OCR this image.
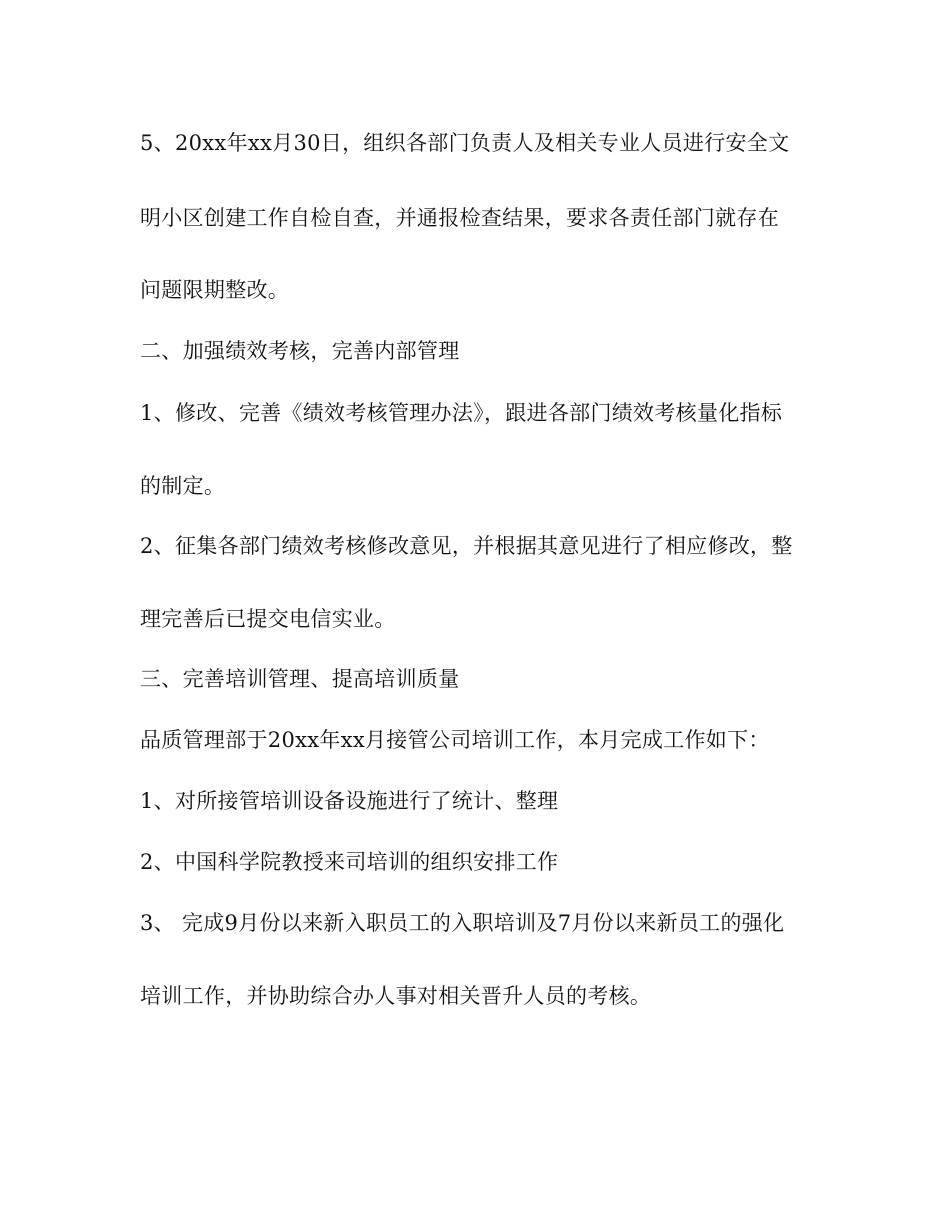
5、20xx年xx月30日，组织各部门负责人及相关专业人员进行安全文
明小区创建工作自检自查，并通报检查结果，要求各责任部门就存在
问题限期整改。
二、加强绩效考核，完善内部管理
1、修改、完善《绩效考核管理办法》，跟进各部门绩效考核量化指标
的制定。
2、征集各部门绩效考核修改意见，并根据其意见进行了相应修改，整
理完善后已提交电信实业。
三、完善培训管理、提高培训质量
品质管理部于20xx年xx月接管公司培训工作，本月完成工作如下：
1、对所接管培训设备设施进行了统计、整理
2、中国科学院教授来司培训的组织安排工作
3、 完成9月份以来新入职员工的入职培训及7月份以来新员工的强化
培训工作，并协助综合办人事对相关晋升人员的考核。
